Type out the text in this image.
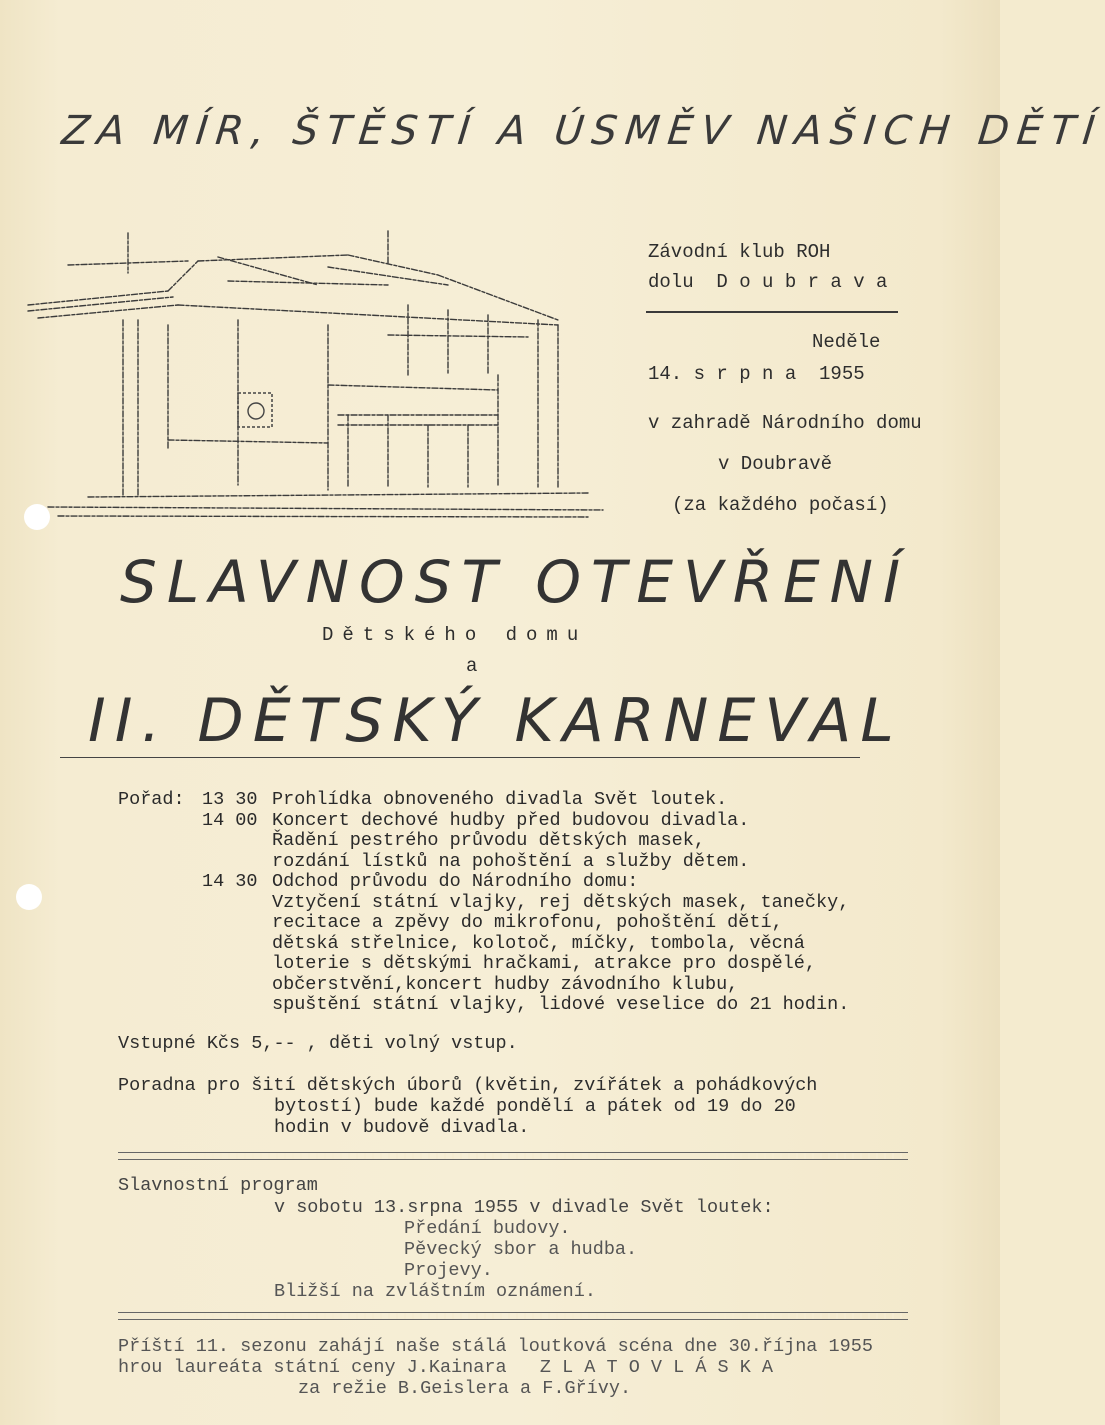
ZA MÍR, ŠTĚSTÍ A ÚSMĚV NAŠICH DĚTÍ
Závodní klub ROH
dolu  D o u b r a v a
Neděle
14. s r p n a  1955
v zahradě Národního domu
v Doubravě
(za každého počasí)
SLAVNOST OTEVŘENÍ
Dětského domu
a
II. DĚTSKÝ KARNEVAL
Pořad: 13 30 Prohlídka obnoveného divadla Svět loutek.
14 00 Koncert dechové hudby před budovou divadla.
Řadění pestrého průvodu dětských masek,
rozdání lístků na pohoštění a služby dětem.
14 30 Odchod průvodu do Národního domu:
Vztyčení státní vlajky, rej dětských masek, tanečky,
recitace a zpěvy do mikrofonu, pohoštění dětí,
dětská střelnice, kolotoč, míčky, tombola, věcná
loterie s dětskými hračkami, atrakce pro dospělé,
občerstvění,koncert hudby závodního klubu,
spuštění státní vlajky, lidové veselice do 21 hodin.
Vstupné Kčs 5,-- , děti volný vstup.
Poradna pro šití dětských úborů (květin, zvířátek a pohádkových
bytostí) bude každé pondělí a pátek od 19 do 20
hodin v budově divadla.
Slavnostní program
v sobotu 13.srpna 1955 v divadle Svět loutek:
Předání budovy.
Pěvecký sbor a hudba.
Projevy.
Bližší na zvláštním oznámení.
Příští 11. sezonu zahájí naše stálá loutková scéna dne 30.října 1955
hrou laureáta státní ceny J.Kainara Z L A T O V L Á S K A
za režie B.Geislera a F.Gřívy.
